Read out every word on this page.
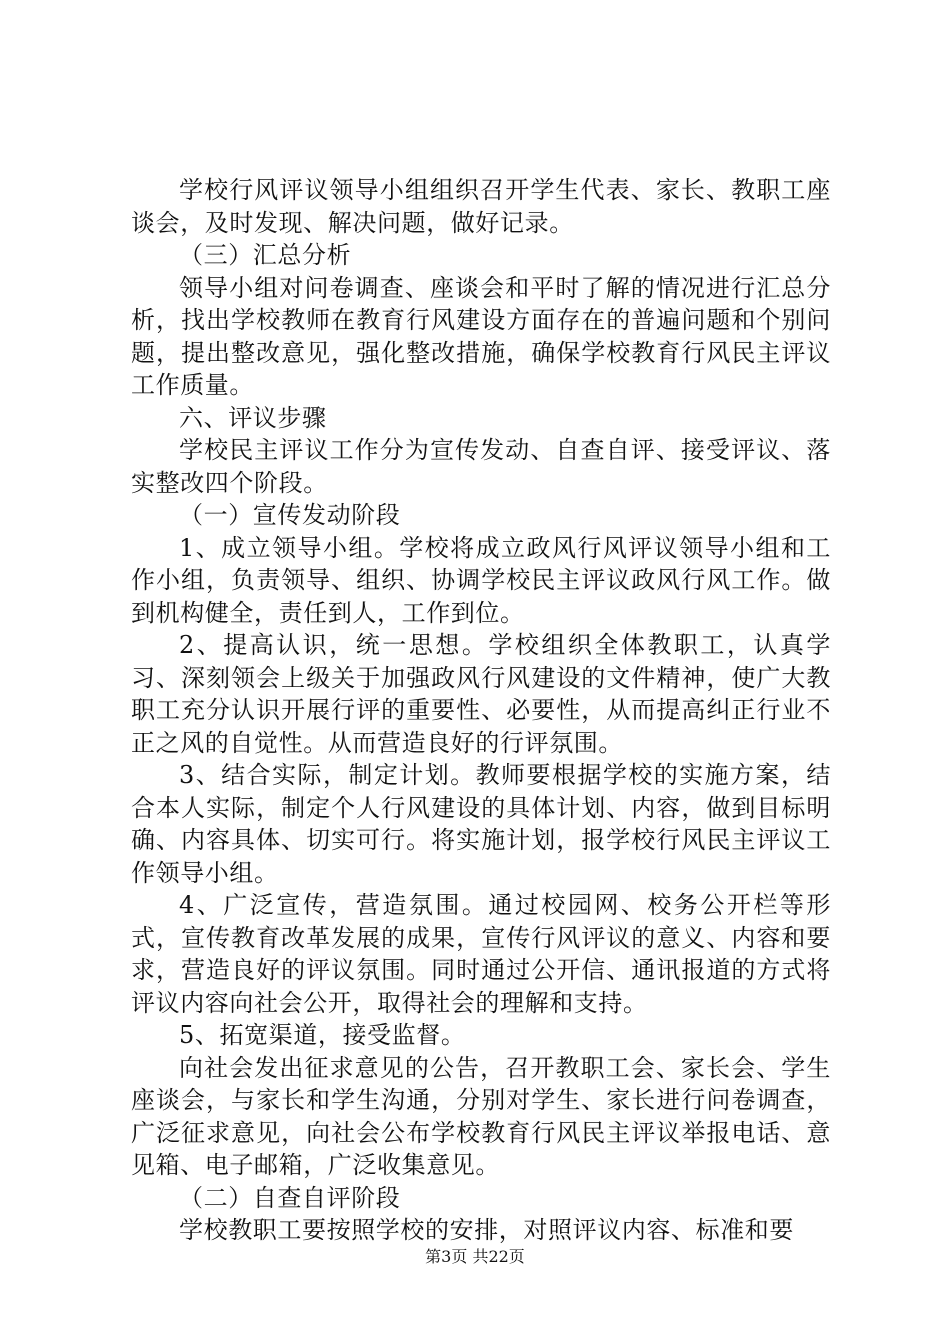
学校行风评议领导小组组织召开学生代表、家长、教职工座谈会，及时发现、解决问题，做好记录。

（三）汇总分析

领导小组对问卷调查、座谈会和平时了解的情况进行汇总分析，找出学校教师在教育行风建设方面存在的普遍问题和个别问题，提出整改意见，强化整改措施，确保学校教育行风民主评议工作质量。

六、评议步骤

学校民主评议工作分为宣传发动、自查自评、接受评议、落实整改四个阶段。

（一）宣传发动阶段

1、成立领导小组。学校将成立政风行风评议领导小组和工作小组，负责领导、组织、协调学校民主评议政风行风工作。做到机构健全，责任到人，工作到位。

2、提高认识，统一思想。学校组织全体教职工，认真学习、深刻领会上级关于加强政风行风建设的文件精神，使广大教职工充分认识开展行评的重要性、必要性，从而提高纠正行业不正之风的自觉性。从而营造良好的行评氛围。

3、结合实际，制定计划。教师要根据学校的实施方案，结合本人实际，制定个人行风建设的具体计划、内容，做到目标明确、内容具体、切实可行。将实施计划，报学校行风民主评议工作领导小组。

4、广泛宣传，营造氛围。通过校园网、校务公开栏等形式，宣传教育改革发展的成果，宣传行风评议的意义、内容和要求，营造良好的评议氛围。同时通过公开信、通讯报道的方式将评议内容向社会公开，取得社会的理解和支持。

5、拓宽渠道，接受监督。

向社会发出征求意见的公告，召开教职工会、家长会、学生座谈会，与家长和学生沟通，分别对学生、家长进行问卷调查，广泛征求意见，向社会公布学校教育行风民主评议举报电话、意见箱、电子邮箱，广泛收集意见。

（二）自查自评阶段

学校教职工要按照学校的安排，对照评议内容、标准和要

第3页 共22页
